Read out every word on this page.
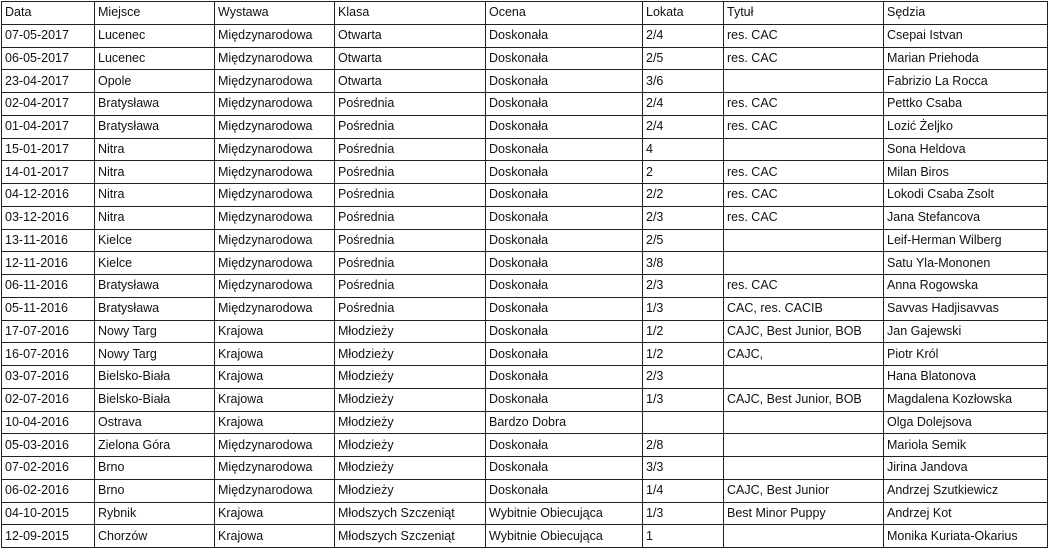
Data	Miejsce	Wystawa	Klasa	Ocena	Lokata	Tytuł	Sędzia
07-05-2017	Lucenec	Międzynarodowa	Otwarta	Doskonała	2/4	res. CAC	Csepai Istvan
06-05-2017	Lucenec	Międzynarodowa	Otwarta	Doskonała	2/5	res. CAC	Marian Priehoda
23-04-2017	Opole	Międzynarodowa	Otwarta	Doskonała	3/6		Fabrizio La Rocca
02-04-2017	Bratysława	Międzynarodowa	Pośrednia	Doskonała	2/4	res. CAC	Pettko Csaba
01-04-2017	Bratysława	Międzynarodowa	Pośrednia	Doskonała	2/4	res. CAC	Lozić Żeljko
15-01-2017	Nitra	Międzynarodowa	Pośrednia	Doskonała	4		Sona Heldova
14-01-2017	Nitra	Międzynarodowa	Pośrednia	Doskonała	2	res. CAC	Milan Biros
04-12-2016	Nitra	Międzynarodowa	Pośrednia	Doskonała	2/2	res. CAC	Lokodi Csaba Zsolt
03-12-2016	Nitra	Międzynarodowa	Pośrednia	Doskonała	2/3	res. CAC	Jana Stefancova
13-11-2016	Kielce	Międzynarodowa	Pośrednia	Doskonała	2/5		Leif-Herman Wilberg
12-11-2016	Kielce	Międzynarodowa	Pośrednia	Doskonała	3/8		Satu Yla-Mononen
06-11-2016	Bratysława	Międzynarodowa	Pośrednia	Doskonała	2/3	res. CAC	Anna Rogowska
05-11-2016	Bratysława	Międzynarodowa	Pośrednia	Doskonała	1/3	CAC, res. CACIB	Savvas Hadjisavvas
17-07-2016	Nowy Targ	Krajowa	Młodzieży	Doskonała	1/2	CAJC, Best Junior, BOB	Jan Gajewski
16-07-2016	Nowy Targ	Krajowa	Młodzieży	Doskonała	1/2	CAJC,	Piotr Król
03-07-2016	Bielsko-Biała	Krajowa	Młodzieży	Doskonała	2/3		Hana Blatonova
02-07-2016	Bielsko-Biała	Krajowa	Młodzieży	Doskonała	1/3	CAJC, Best Junior, BOB	Magdalena Kozłowska
10-04-2016	Ostrava	Krajowa	Młodzieży	Bardzo Dobra			Olga Dolejsova
05-03-2016	Zielona Góra	Międzynarodowa	Młodzieży	Doskonała	2/8		Mariola Semik
07-02-2016	Brno	Międzynarodowa	Młodzieży	Doskonała	3/3		Jirina Jandova
06-02-2016	Brno	Międzynarodowa	Młodzieży	Doskonała	1/4	CAJC, Best Junior	Andrzej Szutkiewicz
04-10-2015	Rybnik	Krajowa	Młodszych Szczeniąt	Wybitnie Obiecująca	1/3	Best Minor Puppy	Andrzej Kot
12-09-2015	Chorzów	Krajowa	Młodszych Szczeniąt	Wybitnie Obiecująca	1		Monika Kuriata-Okarius
